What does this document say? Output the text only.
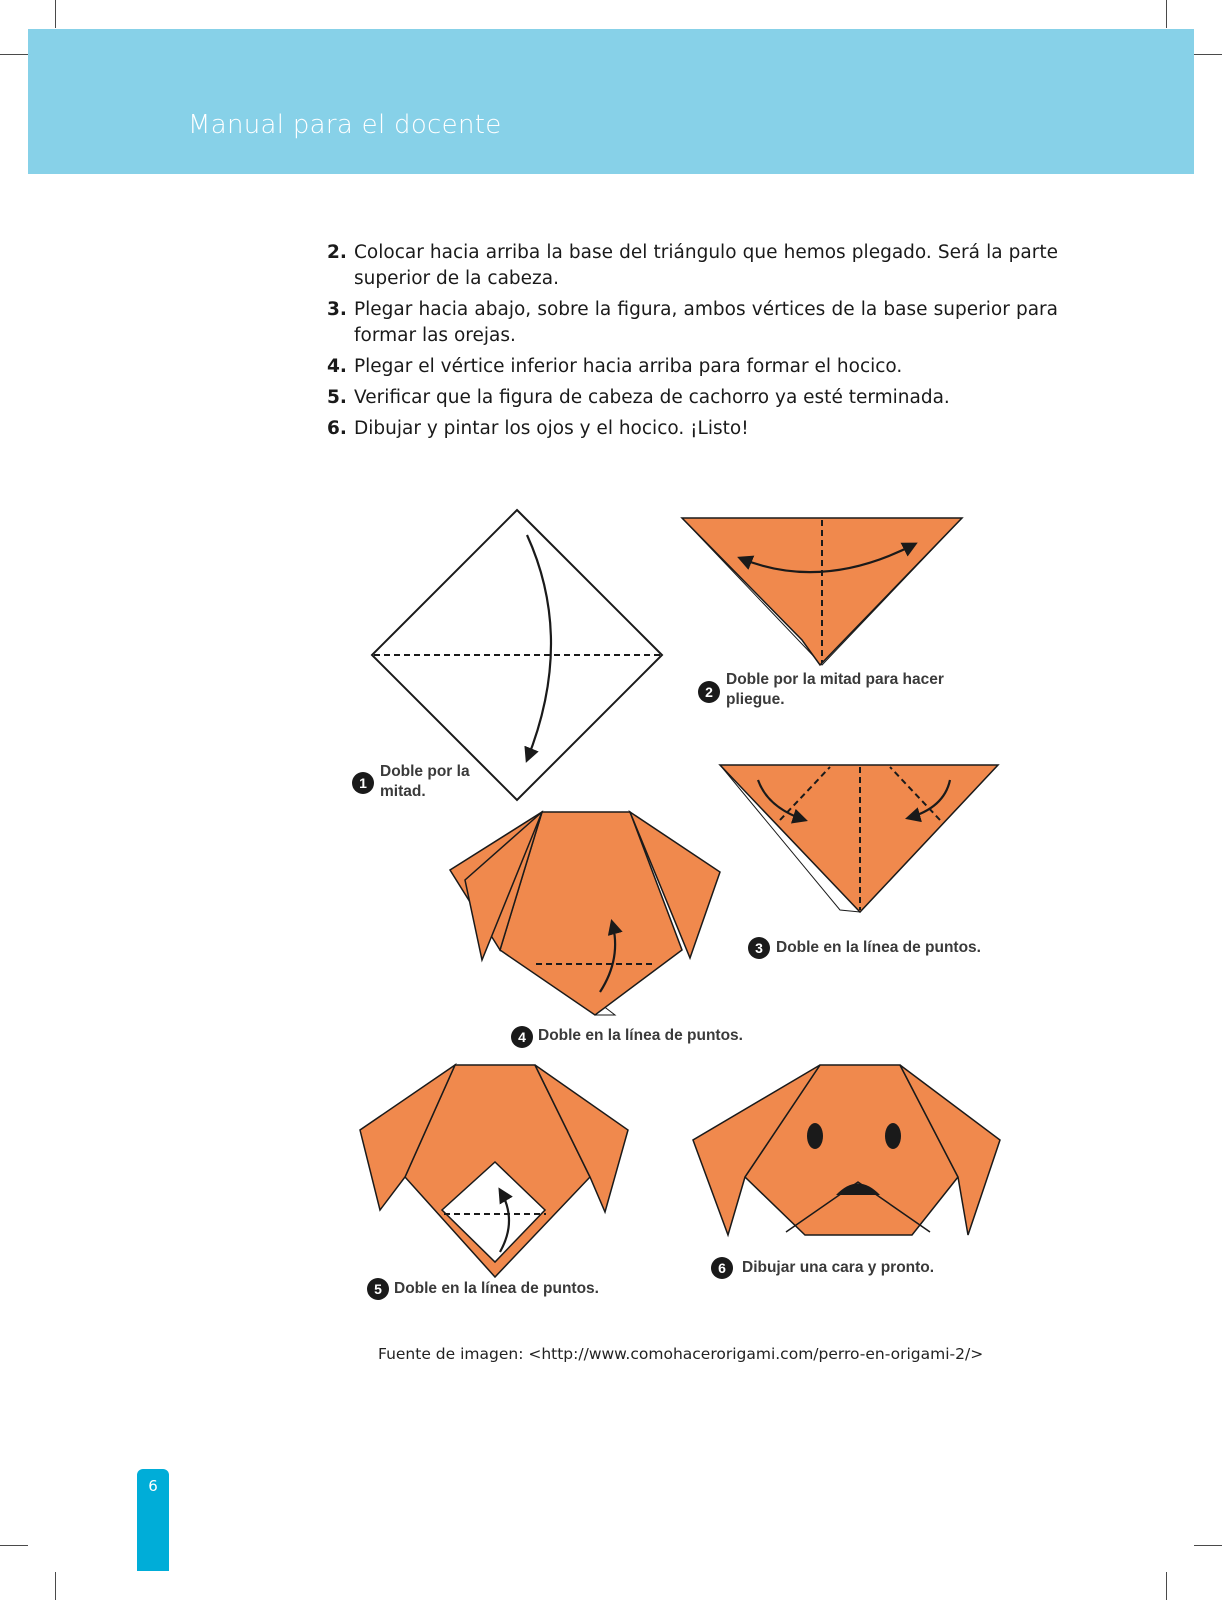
Manual para el docente
2. Colocar hacia arriba la base del triángulo que hemos plegado. Será la parte superior de la cabeza.
3. Plegar hacia abajo, sobre la figura, ambos vértices de la base superior para formar las orejas.
4. Plegar el vértice inferior hacia arriba para formar el hocico.
5. Verificar que la figura de cabeza de cachorro ya esté terminada.
6. Dibujar y pintar los ojos y el hocico. ¡Listo!
1
Doble por la
mitad.
2
Doble por la mitad para hacer
pliegue.
3 Doble en la línea de puntos.
4 Doble en la línea de puntos.
5 Doble en la línea de puntos.
6	Dibujar una cara y pronto.
Fuente de imagen: <http://www.comohacerorigami.com/perro-en-origami-2/>
6
